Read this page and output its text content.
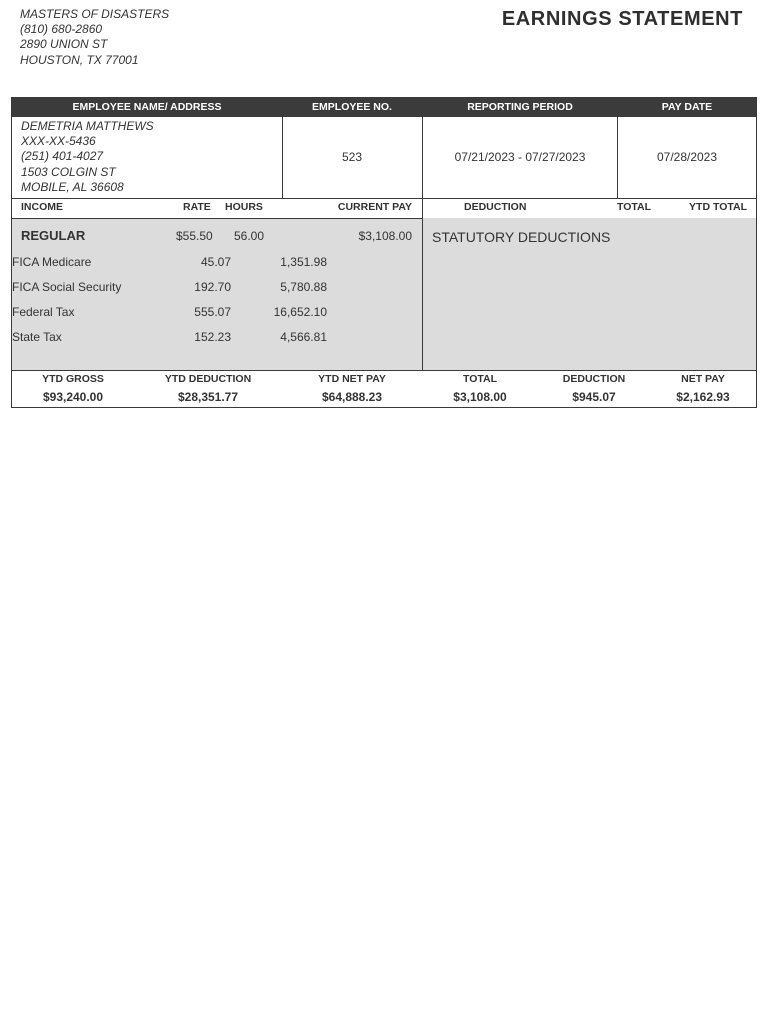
MASTERS OF DISASTERS
(810) 680-2860
2890 UNION ST
HOUSTON, TX 77001
EARNINGS STATEMENT
EMPLOYEE NAME/ ADDRESS	EMPLOYEE NO.	REPORTING PERIOD	PAY DATE
DEMETRIA MATTHEWS
XXX-XX-5436
(251) 401-4027
1503 COLGIN ST
MOBILE, AL 36608
523	07/21/2023 - 07/27/2023	07/28/2023
INCOME	RATE HOURS	CURRENT PAY	DEDUCTION	TOTAL	YTD TOTAL
REGULAR	$55.50 56.00	$3,108.00 STATUTORY DEDUCTIONS
FICA Medicare	45.07	1,351.98
FICA Social Security	192.70	5,780.88
Federal Tax	555.07	16,652.10
State Tax	152.23	4,566.81
YTD GROSS	YTD DEDUCTION	YTD NET PAY	TOTAL	DEDUCTION	NET PAY
$93,240.00	$28,351.77	$64,888.23	$3,108.00	$945.07	$2,162.93
